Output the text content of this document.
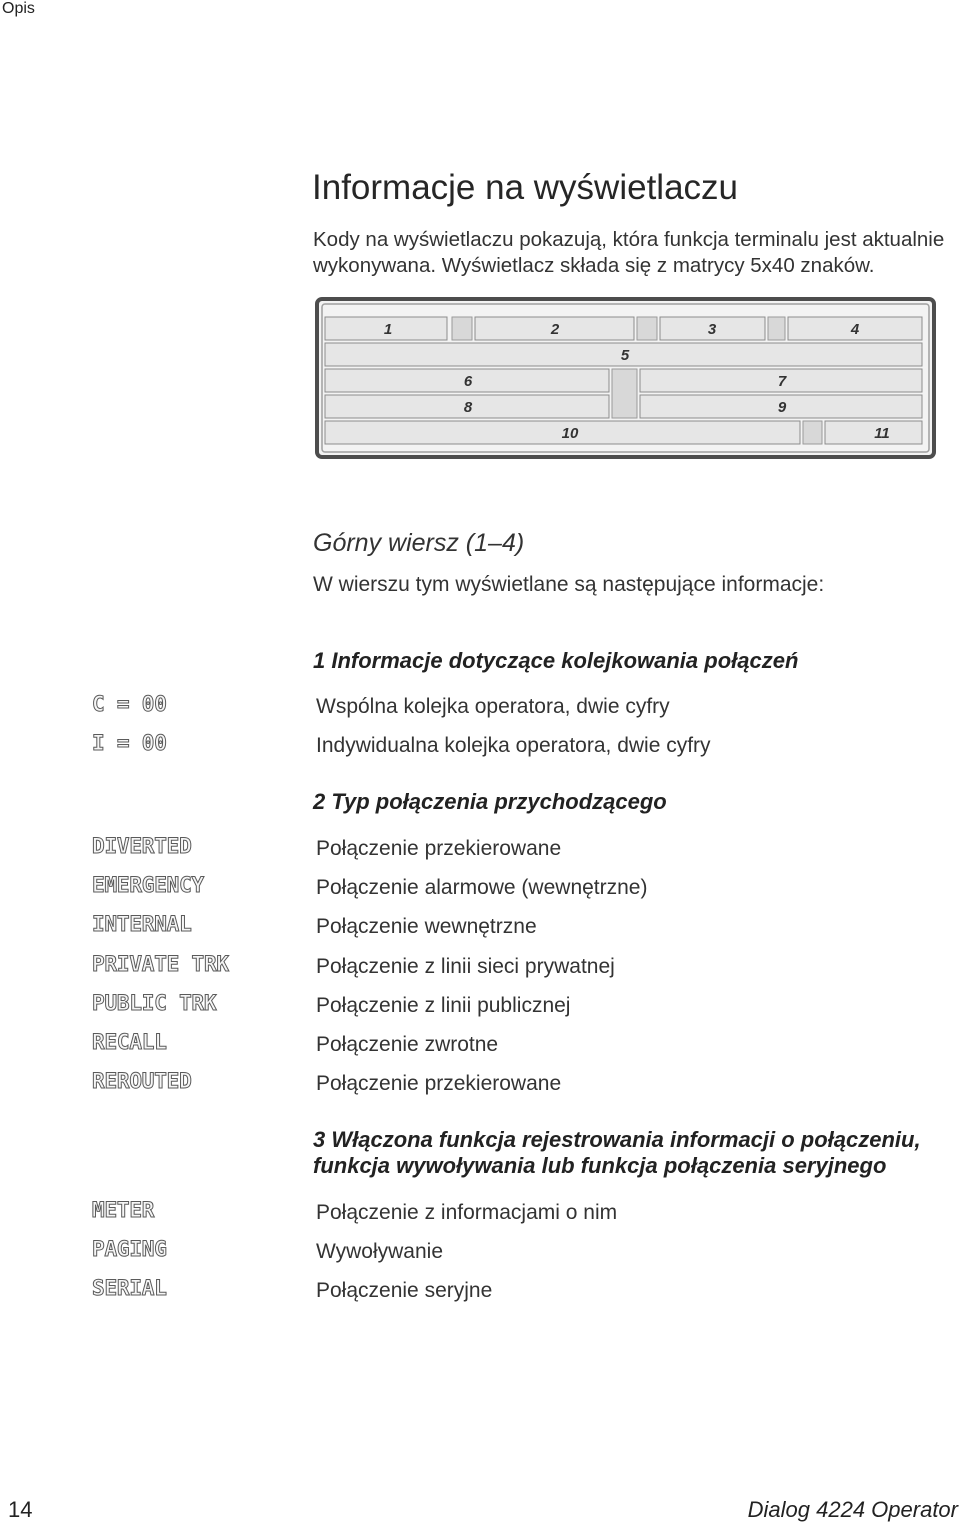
Opis
Informacje na wyświetlaczu
Kody na wyświetlaczu pokazują, która funkcja terminalu jest aktualnie
wykonywana. Wyświetlacz składa się z matrycy 5x40 znaków.
1	2	3	4
5
6	7
8	9
10	11
Górny wiersz (1–4)
W wierszu tym wyświetlane są następujące informacje:
1 Informacje dotyczące kolejkowania połączeń
C = 00	Wspólna kolejka operatora, dwie cyfry
I = 00	Indywidualna kolejka operatora, dwie cyfry
2 Typ połączenia przychodzącego
DIVERTED	Połączenie przekierowane
EMERGENCY	Połączenie alarmowe (wewnętrzne)
INTERNAL	Połączenie wewnętrzne
PRIVATE TRK	Połączenie z linii sieci prywatnej
PUBLIC TRK	Połączenie z linii publicznej
RECALL	Połączenie zwrotne
REROUTED	Połączenie przekierowane
3 Włączona funkcja rejestrowania informacji o połączeniu,
funkcja wywoływania lub funkcja połączenia seryjnego
METER	Połączenie z informacjami o nim
PAGING	Wywoływanie
SERIAL	Połączenie seryjne
14	Dialog 4224 Operator
